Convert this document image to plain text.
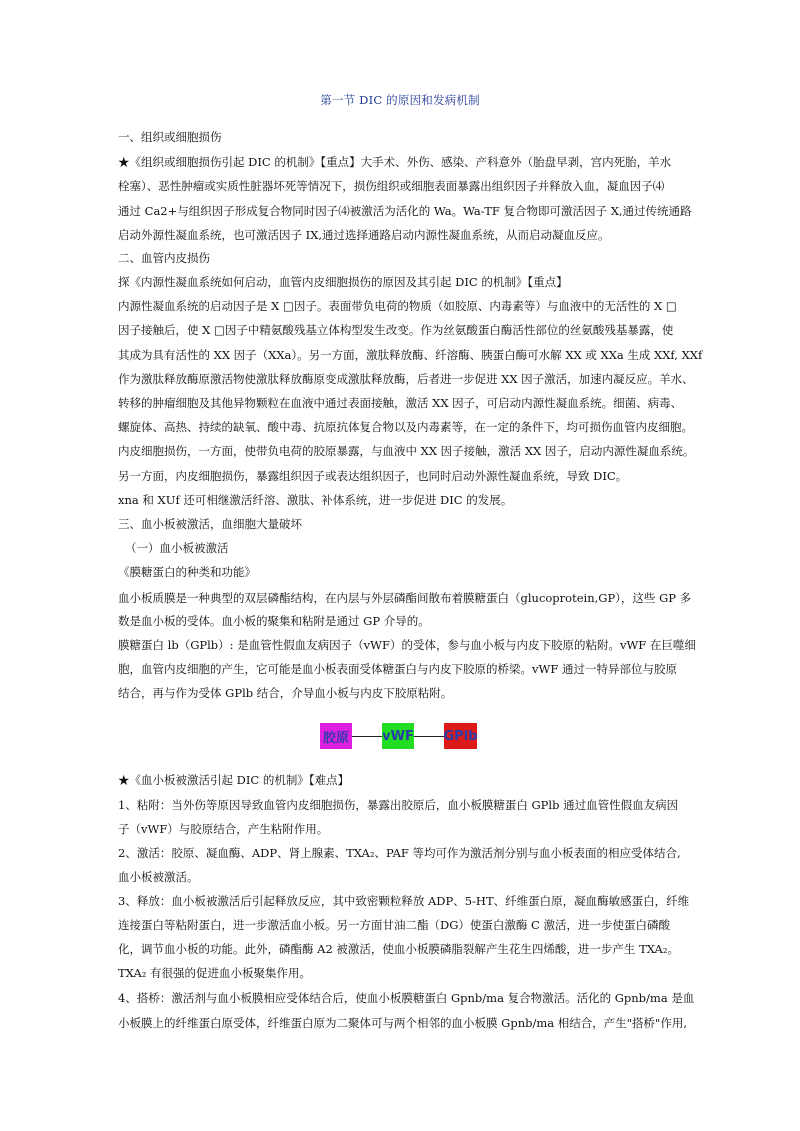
第一节 DIC 的原因和发病机制
一、组织或细胞损伤
★《组织或细胞损伤引起 DIC 的机制》【重点】大手术、外伤、感染、产科意外（胎盘早剥，宫内死胎，羊水
栓塞）、恶性肿瘤或实质性脏器坏死等情况下，损伤组织或细胞表面暴露出组织因子并释放入血，凝血因子⑷
通过 Ca2+与组织因子形成复合物同时因子⑷被激活为活化的 Wa。Wa-TF 复合物即可激活因子 X,通过传统通路
启动外源性凝血系统，也可激活因子 IX,通过选择通路启动内源性凝血系统，从而启动凝血反应。
二、血管内皮损伤
探《内源性凝血系统如何启动，血管内皮细胞损伤的原因及其引起 DIC 的机制》【重点】
内源性凝血系统的启动因子是 X □因子。表面带负电荷的物质（如胶原、内毒素等）与血液中的无活性的 X □
因子接触后，使 X □因子中精氨酸残基立体构型发生改变。作为丝氨酸蛋白酶活性部位的丝氨酸残基暴露，使
其成为具有活性的 XX 因子（XXa）。另一方面，激肽释放酶、纤溶酶、胰蛋白酶可水解 XX 或 XXa 生成 XXf, XXf
作为激肽释放酶原激活物使激肽释放酶原变成激肽释放酶，后者进一步促进 XX 因子激活，加速内凝反应。羊水、
转移的肿瘤细胞及其他异物颗粒在血液中通过表面接触，激活 XX 因子，可启动内源性凝血系统。细菌、病毒、
螺旋体、高热、持续的缺氧、酸中毒、抗原抗体复合物以及内毒素等，在一定的条件下，均可损伤血管内皮细胞。
内皮细胞损伤，一方面，使带负电荷的胶原暴露，与血液中 XX 因子接触，激活 XX 因子，启动内源性凝血系统。
另一方面，内皮细胞损伤，暴露组织因子或表达组织因子，也同时启动外源性凝血系统，导致 DIC。
xna 和 XUf 还可相继激活纤溶、激肽、补体系统，进一步促进 DIC 的发展。
三、血小板被激活，血细胞大量破坏
（一）血小板被激活
《膜糖蛋白的种类和功能》
血小板质膜是一种典型的双层磷酯结构，在内层与外层磷酯间散布着膜糖蛋白（glucoprotein,GP），这些 GP 多
数是血小板的受体。血小板的聚集和粘附是通过 GP 介导的。
膜糖蛋白 lb（GPlb）: 是血管性假血友病因子（vWF）的受体，参与血小板与内皮下胶原的粘附。vWF 在巨噬细
胞，血管内皮细胞的产生，它可能是血小板表面受体糖蛋白与内皮下胶原的桥梁。vWF 通过一特异部位与胶原
结合，再与作为受体 GPlb 结合，介导血小板与内皮下胶原粘附。
胶原	vWF GPlb
★《血小板被激活引起 DIC 的机制》【难点】
1、粘附：当外伤等原因导致血管内皮细胞损伤，暴露出胶原后，血小板膜糖蛋白 GPlb 通过血管性假血友病因
子（vWF）与胶原结合，产生粘附作用。
2、激活：胶原、凝血酶、ADP、肾上腺素、TXA₂、PAF 等均可作为激活剂分别与血小板表面的相应受体结合,
血小板被激活。
3、释放：血小板被激活后引起释放反应，其中致密颗粒释放 ADP、5-HT、纤维蛋白原，凝血酶敏感蛋白，纤维
连接蛋白等粘附蛋白，进一步激活血小板。另一方面甘油二酯（DG）使蛋白激酶 C 激活，进一步使蛋白磷酸
化，调节血小板的功能。此外，磷酯酶 A2 被激活，使血小板膜磷脂裂解产生花生四烯酸，进一步产生 TXA₂。
TXA₂ 有很强的促进血小板聚集作用。
4、搭桥：激活剂与血小板膜相应受体结合后，使血小板膜糖蛋白 Gpnb/ma 复合物激活。活化的 Gpnb/ma 是血
小板膜上的纤维蛋白原受体，纤维蛋白原为二聚体可与两个相邻的血小板膜 Gpnb/ma 相结合，产生"搭桥"作用,
